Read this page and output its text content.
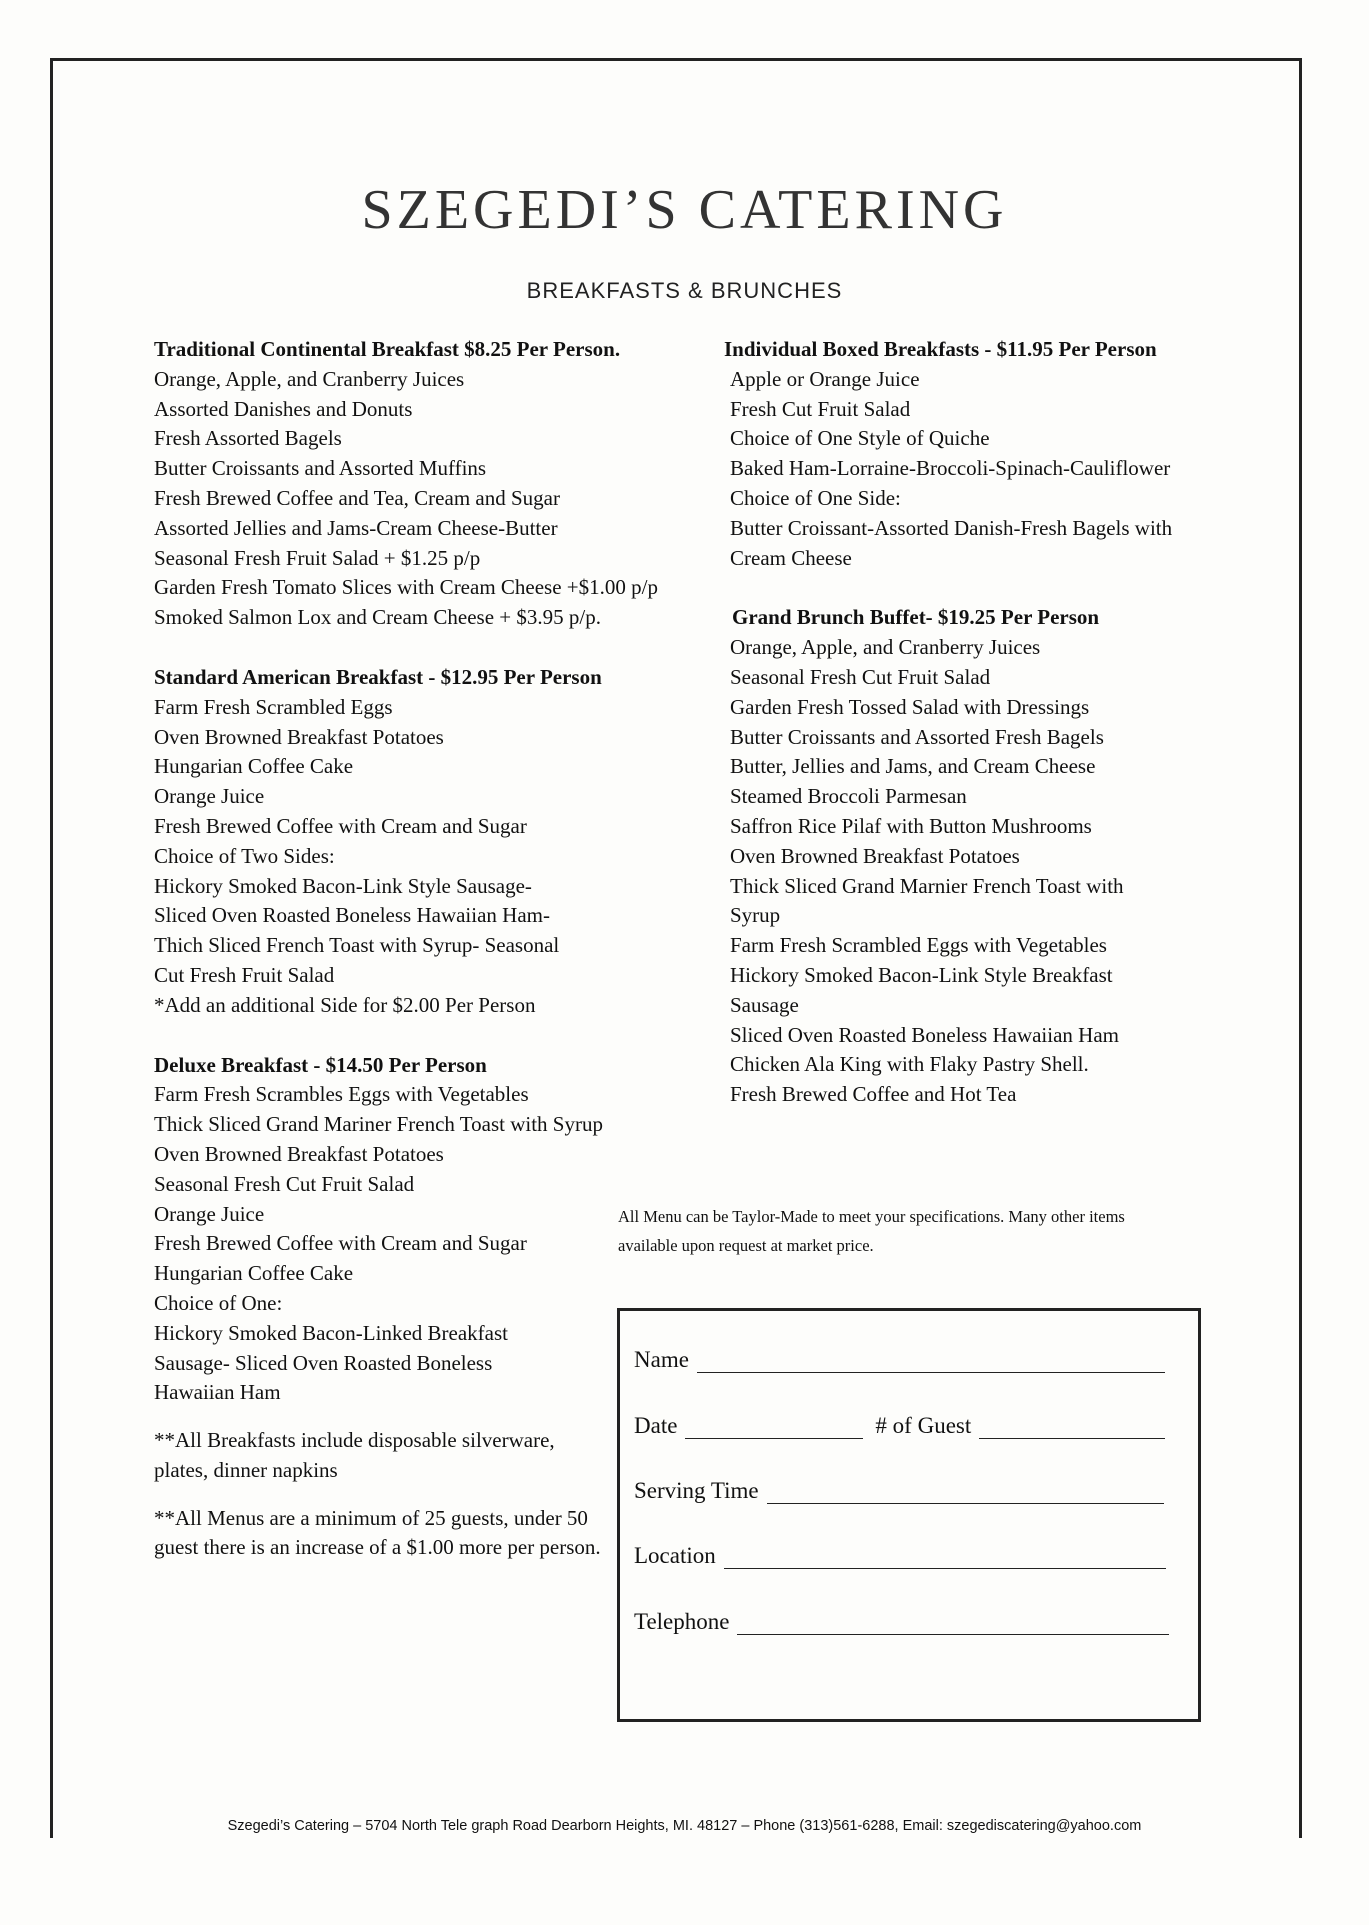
SZEGEDI’S CATERING
BREAKFASTS & BRUNCHES
Traditional Continental Breakfast $8.25 Per Person.
Orange, Apple, and Cranberry Juices
Assorted Danishes and Donuts
Fresh Assorted Bagels
Butter Croissants and Assorted Muffins
Fresh Brewed Coffee and Tea, Cream and Sugar
Assorted Jellies and Jams-Cream Cheese-Butter
Seasonal Fresh Fruit Salad + $1.25 p/p
Garden Fresh Tomato Slices with Cream Cheese +$1.00 p/p
Smoked Salmon Lox and Cream Cheese + $3.95 p/p.
Standard American Breakfast - $12.95 Per Person
Farm Fresh Scrambled Eggs
Oven Browned Breakfast Potatoes
Hungarian Coffee Cake
Orange Juice
Fresh Brewed Coffee with Cream and Sugar
Choice of Two Sides:
Hickory Smoked Bacon-Link Style Sausage-
Sliced Oven Roasted Boneless Hawaiian Ham-
Thich Sliced French Toast with Syrup- Seasonal
Cut Fresh Fruit Salad
*Add an additional Side for $2.00 Per Person
Deluxe Breakfast - $14.50 Per Person
Farm Fresh Scrambles Eggs with Vegetables
Thick Sliced Grand Mariner French Toast with Syrup
Oven Browned Breakfast Potatoes
Seasonal Fresh Cut Fruit Salad
Orange Juice
Fresh Brewed Coffee with Cream and Sugar
Hungarian Coffee Cake
Choice of One:
Hickory Smoked Bacon-Linked Breakfast
Sausage- Sliced Oven Roasted Boneless
Hawaiian Ham
**All Breakfasts include disposable silverware, plates, dinner napkins
**All Menus are a minimum of 25 guests, under 50 guest there is an increase of a $1.00 more per person.
Individual Boxed Breakfasts - $11.95 Per Person
Apple or Orange Juice
Fresh Cut Fruit Salad
Choice of One Style of Quiche
Baked Ham-Lorraine-Broccoli-Spinach-Cauliflower
Choice of One Side:
Butter Croissant-Assorted Danish-Fresh Bagels with Cream Cheese
Grand Brunch Buffet- $19.25 Per Person
Orange, Apple, and Cranberry Juices
Seasonal Fresh Cut Fruit Salad
Garden Fresh Tossed Salad with Dressings
Butter Croissants and Assorted Fresh Bagels
Butter, Jellies and Jams, and Cream Cheese
Steamed Broccoli Parmesan
Saffron Rice Pilaf with Button Mushrooms
Oven Browned Breakfast Potatoes
Thick Sliced Grand Marnier French Toast with Syrup
Farm Fresh Scrambled Eggs with Vegetables
Hickory Smoked Bacon-Link Style Breakfast Sausage
Sliced Oven Roasted Boneless Hawaiian Ham
Chicken Ala King with Flaky Pastry Shell.
Fresh Brewed Coffee and Hot Tea
All Menu can be Taylor-Made to meet your specifications. Many other items available upon request at market price.
Name
Date	# of Guest
Serving Time
Location
Telephone
Szegedi’s Catering – 5704 North Tele graph Road Dearborn Heights, MI. 48127 – Phone (313)561-6288, Email: szegediscatering@yahoo.com
